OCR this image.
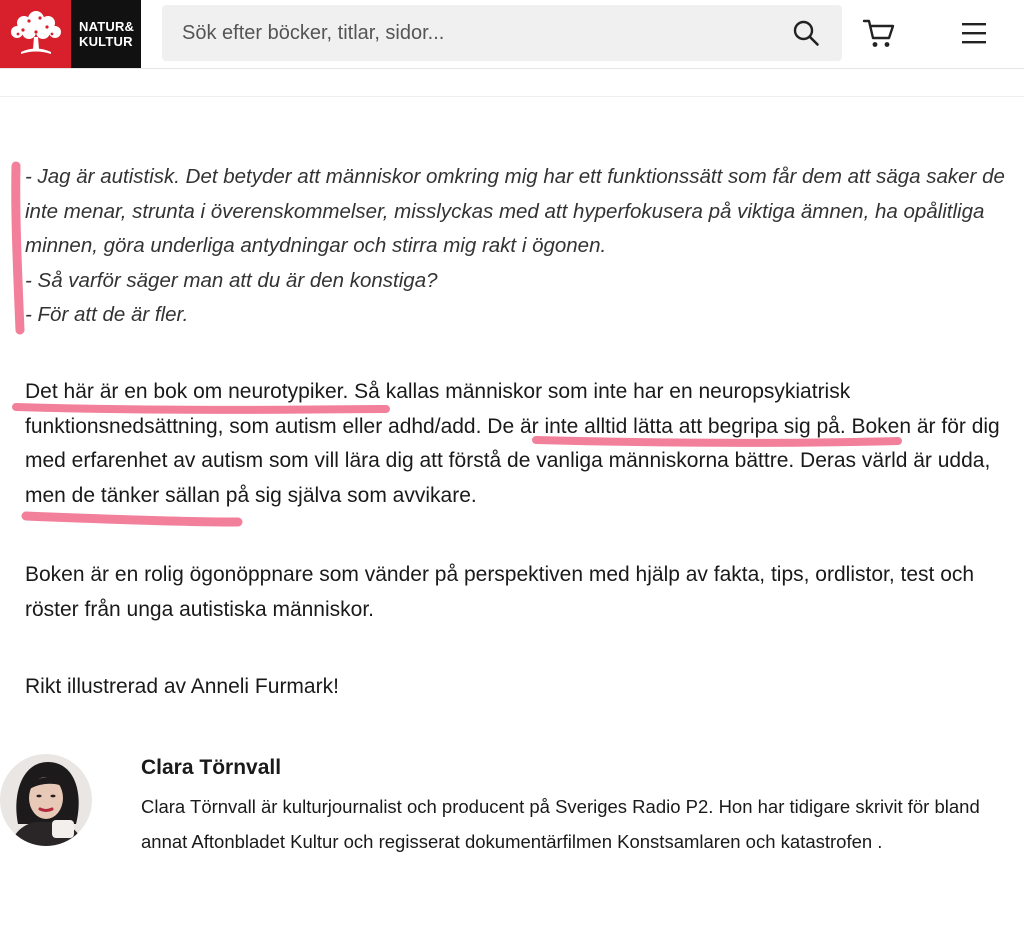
NATUR&
KULTUR	Sök efter böcker, titlar, sidor...

- Jag är autistisk. Det betyder att människor omkring mig har ett funktionssätt som får dem att säga saker de inte menar, strunta i överenskommelser, misslyckas med att hyperfokusera på viktiga ämnen, ha opålitliga minnen, göra underliga antydningar och stirra mig rakt i ögonen.

- Så varför säger man att du är den konstiga?

- För att de är fler.

Det här är en bok om neurotypiker. Så kallas människor som inte har en neuropsykiatrisk funktionsnedsättning, som autism eller adhd/add. De är inte alltid lätta att begripa sig på. Boken är för dig med erfarenhet av autism som vill lära dig att förstå de vanliga människorna bättre. Deras värld är udda, men de tänker sällan på sig själva som avvikare.

Boken är en rolig ögonöppnare som vänder på perspektiven med hjälp av fakta, tips, ordlistor, test och röster från unga autistiska människor.

Rikt illustrerad av Anneli Furmark!

Clara Törnvall
Clara Törnvall är kulturjournalist och producent på Sveriges Radio P2. Hon har tidigare skrivit för bland annat Aftonbladet Kultur och regisserat dokumentärfilmen Konstsamlaren och katastrofen .
